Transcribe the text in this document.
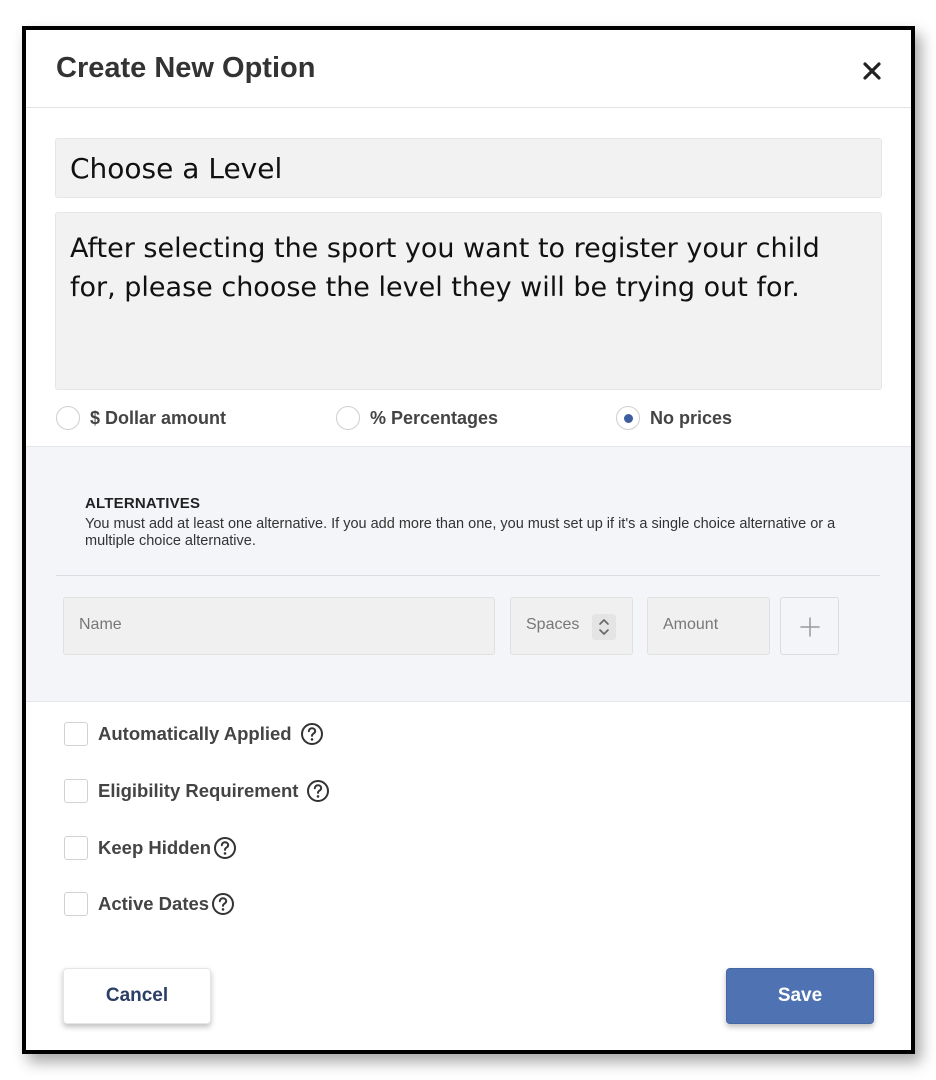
Create New Option
Choose a Level
After selecting the sport you want to register your child for, please choose the level they will be trying out for.
$ Dollar amount	% Percentages	No prices
ALTERNATIVES
You must add at least one alternative. If you add more than one, you must set up if it's a single choice alternative or a multiple choice alternative.
Name	Spaces	Amount
Automatically Applied
Eligibility Requirement
Keep Hidden
Active Dates
Cancel	Save
